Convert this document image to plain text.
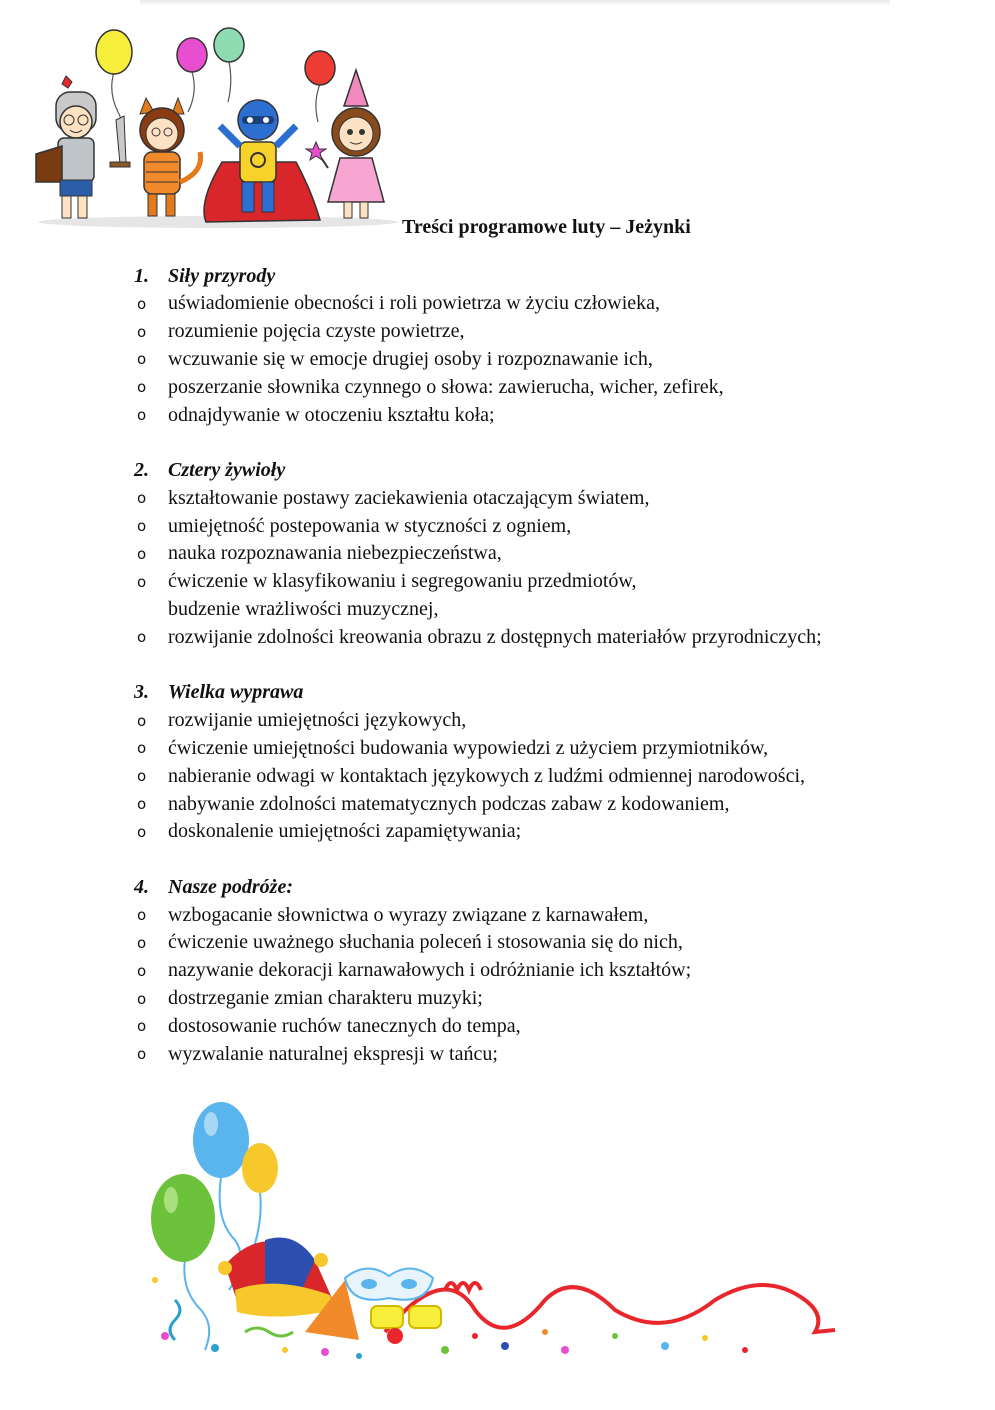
Treści programowe luty – Jeżynki
1. Siły przyrody
o	uświadomienie obecności i roli powietrza w życiu człowieka,
o	rozumienie pojęcia czyste powietrze,
o	wczuwanie się w emocje drugiej osoby i rozpoznawanie ich,
o	poszerzanie słownika czynnego o słowa: zawierucha, wicher, zefirek,
o	odnajdywanie w otoczeniu kształtu koła;
2. Cztery żywioły
o	kształtowanie postawy zaciekawienia otaczającym światem,
o	umiejętność postepowania w styczności z ogniem,
o	nauka rozpoznawania niebezpieczeństwa,
o	ćwiczenie w klasyfikowaniu i segregowaniu przedmiotów,
budzenie wrażliwości muzycznej,
o	rozwijanie zdolności kreowania obrazu z dostępnych materiałów przyrodniczych;
3. Wielka wyprawa
o	rozwijanie umiejętności językowych,
o	ćwiczenie umiejętności budowania wypowiedzi z użyciem przymiotników,
o	nabieranie odwagi w kontaktach językowych z ludźmi odmiennej narodowości,
o	nabywanie zdolności matematycznych podczas zabaw z kodowaniem,
o	doskonalenie umiejętności zapamiętywania;
4. Nasze podróże:
o	wzbogacanie słownictwa o wyrazy związane z karnawałem,
o	ćwiczenie uważnego słuchania poleceń i stosowania się do nich,
o	nazywanie dekoracji karnawałowych i odróżnianie ich kształtów;
o	dostrzeganie zmian charakteru muzyki;
o	dostosowanie ruchów tanecznych do tempa,
o	wyzwalanie naturalnej ekspresji w tańcu;
